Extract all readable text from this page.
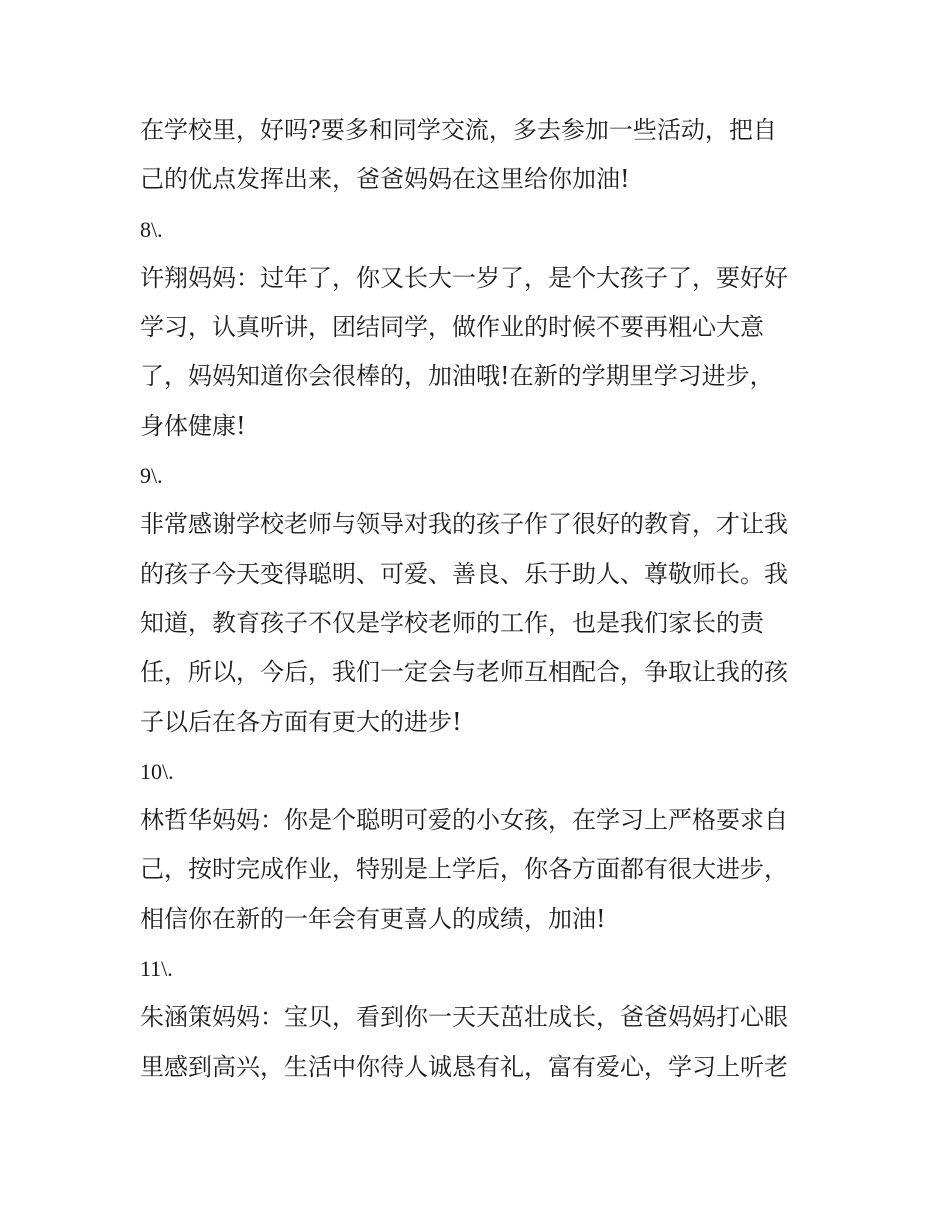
在学校里，好吗?要多和同学交流，多去参加一些活动，把自
己的优点发挥出来，爸爸妈妈在这里给你加油!
8\.
许翔妈妈：过年了，你又长大一岁了，是个大孩子了，要好好
学习，认真听讲，团结同学，做作业的时候不要再粗心大意
了，妈妈知道你会很棒的，加油哦!在新的学期里学习进步，
身体健康!
9\.
非常感谢学校老师与领导对我的孩子作了很好的教育，才让我
的孩子今天变得聪明、可爱、善良、乐于助人、尊敬师长。我
知道，教育孩子不仅是学校老师的工作，也是我们家长的责
任，所以，今后，我们一定会与老师互相配合，争取让我的孩
子以后在各方面有更大的进步!
10\.
林哲华妈妈：你是个聪明可爱的小女孩，在学习上严格要求自
己，按时完成作业，特别是上学后，你各方面都有很大进步，
相信你在新的一年会有更喜人的成绩，加油!
11\.
朱涵策妈妈：宝贝，看到你一天天茁壮成长，爸爸妈妈打心眼
里感到高兴，生活中你待人诚恳有礼，富有爱心，学习上听老
